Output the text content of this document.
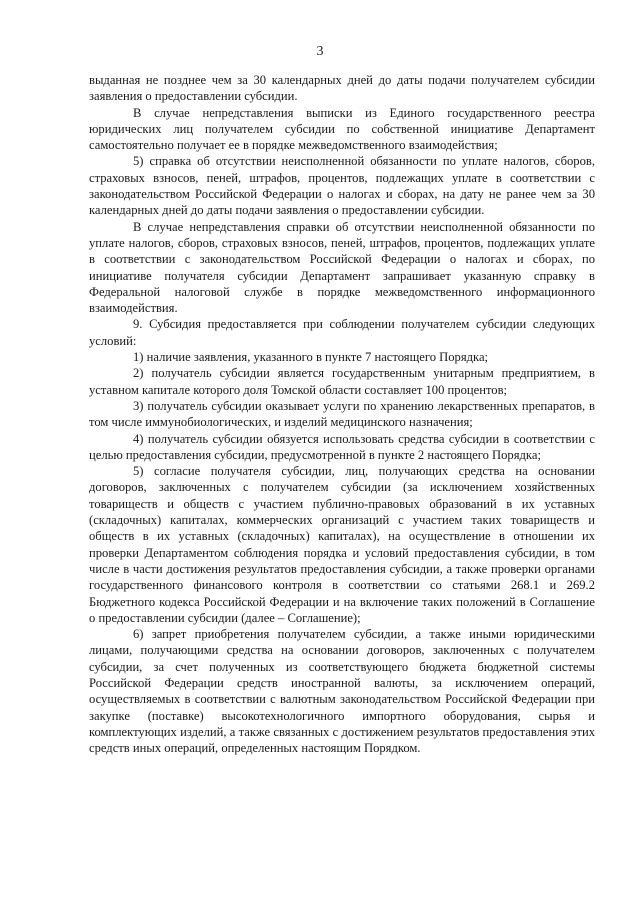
3

выданная не позднее чем за 30 календарных дней до даты подачи получателем субсидии заявления о предоставлении субсидии.

В случае непредставления выписки из Единого государственного реестра юридических лиц получателем субсидии по собственной инициативе Департамент самостоятельно получает ее в порядке межведомственного взаимодействия;

5) справка об отсутствии неисполненной обязанности по уплате налогов, сборов, страховых взносов, пеней, штрафов, процентов, подлежащих уплате в соответствии с законодательством Российской Федерации о налогах и сборах, на дату не ранее чем за 30 календарных дней до даты подачи заявления о предоставлении субсидии.

В случае непредставления справки об отсутствии неисполненной обязанности по уплате налогов, сборов, страховых взносов, пеней, штрафов, процентов, подлежащих уплате в соответствии с законодательством Российской Федерации о налогах и сборах, по инициативе получателя субсидии Департамент запрашивает указанную справку в Федеральной налоговой службе в порядке межведомственного информационного взаимодействия.

9. Субсидия предоставляется при соблюдении получателем субсидии следующих условий:

1) наличие заявления, указанного в пункте 7 настоящего Порядка;

2) получатель субсидии является государственным унитарным предприятием, в уставном капитале которого доля Томской области составляет 100 процентов;

3) получатель субсидии оказывает услуги по хранению лекарственных препаратов, в том числе иммунобиологических, и изделий медицинского назначения;

4) получатель субсидии обязуется использовать средства субсидии в соответствии с целью предоставления субсидии, предусмотренной в пункте 2 настоящего Порядка;

5) согласие получателя субсидии, лиц, получающих средства на основании договоров, заключенных с получателем субсидии (за исключением хозяйственных товариществ и обществ с участием публично-правовых образований в их уставных (складочных) капиталах, коммерческих организаций с участием таких товариществ и обществ в их уставных (складочных) капиталах), на осуществление в отношении их проверки Департаментом соблюдения порядка и условий предоставления субсидии, в том числе в части достижения результатов предоставления субсидии, а также проверки органами государственного финансового контроля в соответствии со статьями 268.1 и 269.2 Бюджетного кодекса Российской Федерации и на включение таких положений в Соглашение о предоставлении субсидии (далее – Соглашение);

6) запрет приобретения получателем субсидии, а также иными юридическими лицами, получающими средства на основании договоров, заключенных с получателем субсидии, за счет полученных из соответствующего бюджета бюджетной системы Российской Федерации средств иностранной валюты, за исключением операций, осуществляемых в соответствии с валютным законодательством Российской Федерации при закупке (поставке) высокотехнологичного импортного оборудования, сырья и комплектующих изделий, а также связанных с достижением результатов предоставления этих средств иных операций, определенных настоящим Порядком.
